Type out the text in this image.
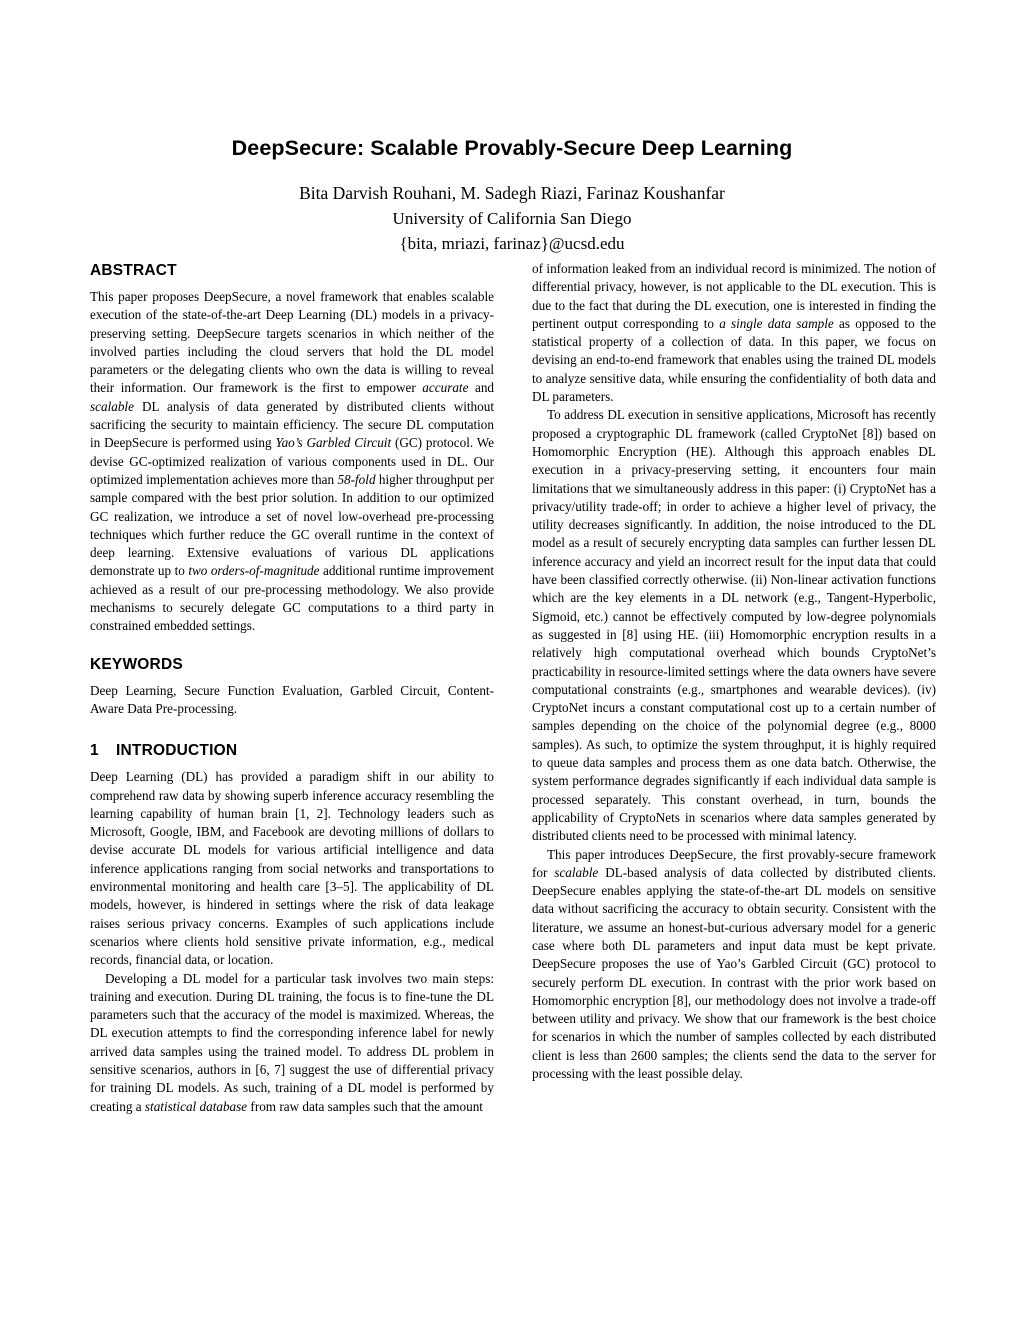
DeepSecure: Scalable Provably-Secure Deep Learning
Bita Darvish Rouhani, M. Sadegh Riazi, Farinaz Koushanfar
University of California San Diego
{bita, mriazi, farinaz}@ucsd.edu
ABSTRACT

This paper proposes DeepSecure, a novel framework that enables scalable execution of the state-of-the-art Deep Learning (DL) models in a privacy-preserving setting. DeepSecure targets scenarios in which neither of the involved parties including the cloud servers that hold the DL model parameters or the delegating clients who own the data is willing to reveal their information. Our framework is the first to empower accurate and scalable DL analysis of data generated by distributed clients without sacrificing the security to maintain efficiency. The secure DL computation in DeepSecure is performed using Yao’s Garbled Circuit (GC) protocol. We devise GC-optimized realization of various components used in DL. Our optimized implementation achieves more than 58-fold higher throughput per sample compared with the best prior solution. In addition to our optimized GC realization, we introduce a set of novel low-overhead pre-processing techniques which further reduce the GC overall runtime in the context of deep learning. Extensive evaluations of various DL applications demonstrate up to two orders-of-magnitude additional runtime improvement achieved as a result of our pre-processing methodology. We also provide mechanisms to securely delegate GC computations to a third party in constrained embedded settings.

KEYWORDS

Deep Learning, Secure Function Evaluation, Garbled Circuit, Content-Aware Data Pre-processing.

1 INTRODUCTION

Deep Learning (DL) has provided a paradigm shift in our ability to comprehend raw data by showing superb inference accuracy resembling the learning capability of human brain [1, 2]. Technology leaders such as Microsoft, Google, IBM, and Facebook are devoting millions of dollars to devise accurate DL models for various artificial intelligence and data inference applications ranging from social networks and transportations to environmental monitoring and health care [3–5]. The applicability of DL models, however, is hindered in settings where the risk of data leakage raises serious privacy concerns. Examples of such applications include scenarios where clients hold sensitive private information, e.g., medical records, financial data, or location.

Developing a DL model for a particular task involves two main steps: training and execution. During DL training, the focus is to fine-tune the DL parameters such that the accuracy of the model is maximized. Whereas, the DL execution attempts to find the corresponding inference label for newly arrived data samples using the trained model. To address DL problem in sensitive scenarios, authors in [6, 7] suggest the use of differential privacy for training DL models. As such, training of a DL model is performed by creating a statistical database from raw data samples such that the amount

of information leaked from an individual record is minimized. The notion of differential privacy, however, is not applicable to the DL execution. This is due to the fact that during the DL execution, one is interested in finding the pertinent output corresponding to a single data sample as opposed to the statistical property of a collection of data. In this paper, we focus on devising an end-to-end framework that enables using the trained DL models to analyze sensitive data, while ensuring the confidentiality of both data and DL parameters.

To address DL execution in sensitive applications, Microsoft has recently proposed a cryptographic DL framework (called CryptoNet [8]) based on Homomorphic Encryption (HE). Although this approach enables DL execution in a privacy-preserving setting, it encounters four main limitations that we simultaneously address in this paper: (i) CryptoNet has a privacy/utility trade-off; in order to achieve a higher level of privacy, the utility decreases significantly. In addition, the noise introduced to the DL model as a result of securely encrypting data samples can further lessen DL inference accuracy and yield an incorrect result for the input data that could have been classified correctly otherwise. (ii) Non-linear activation functions which are the key elements in a DL network (e.g., Tangent-Hyperbolic, Sigmoid, etc.) cannot be effectively computed by low-degree polynomials as suggested in [8] using HE. (iii) Homomorphic encryption results in a relatively high computational overhead which bounds CryptoNet’s practicability in resource-limited settings where the data owners have severe computational constraints (e.g., smartphones and wearable devices). (iv) CryptoNet incurs a constant computational cost up to a certain number of samples depending on the choice of the polynomial degree (e.g., 8000 samples). As such, to optimize the system throughput, it is highly required to queue data samples and process them as one data batch. Otherwise, the system performance degrades significantly if each individual data sample is processed separately. This constant overhead, in turn, bounds the applicability of CryptoNets in scenarios where data samples generated by distributed clients need to be processed with minimal latency.

This paper introduces DeepSecure, the first provably-secure framework for scalable DL-based analysis of data collected by distributed clients. DeepSecure enables applying the state-of-the-art DL models on sensitive data without sacrificing the accuracy to obtain security. Consistent with the literature, we assume an honest-but-curious adversary model for a generic case where both DL parameters and input data must be kept private. DeepSecure proposes the use of Yao’s Garbled Circuit (GC) protocol to securely perform DL execution. In contrast with the prior work based on Homomorphic encryption [8], our methodology does not involve a trade-off between utility and privacy. We show that our framework is the best choice for scenarios in which the number of samples collected by each distributed client is less than 2600 samples; the clients send the data to the server for processing with the least possible delay.
